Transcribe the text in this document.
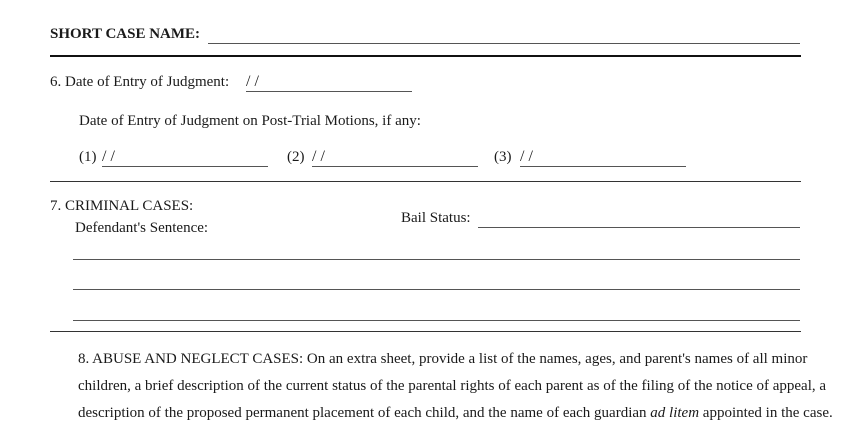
SHORT CASE NAME:
6. Date of Entry of Judgment: / /
Date of Entry of Judgment on Post-Trial Motions, if any:
(1) / /	(2) / /	(3) / /
7. CRIMINAL CASES:
Defendant's Sentence:
Bail Status:
8. ABUSE AND NEGLECT CASES: On an extra sheet, provide a list of the names, ages, and parent's names of all minor children, a brief description of the current status of the parental rights of each parent as of the filing of the notice of appeal, a description of the proposed permanent placement of each child, and the name of each guardian ad litem appointed in the case.
